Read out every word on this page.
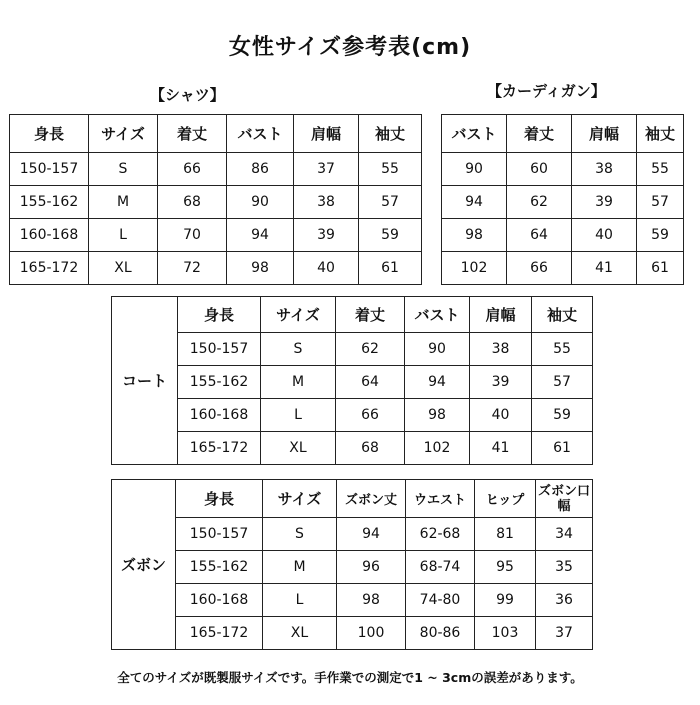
女性サイズ参考表(cm)
【シャツ】	【カーディガン】
身長	サイズ	着丈	バスト	肩幅	袖丈
150-157	S	66	86	37	55
155-162	M	68	90	38	57
160-168	L	70	94	39	59
165-172	XL	72	98	40	61
バスト	着丈	肩幅	袖丈
90	60	38	55
94	62	39	57
98	64	40	59
102	66	41	61
コート	身長	サイズ	着丈	バスト	肩幅	袖丈
	150-157	S	62	90	38	55
	155-162	M	64	94	39	57
	160-168	L	66	98	40	59
	165-172	XL	68	102	41	61
ズボン	身長	サイズ	ズボン丈	ウエスト	ヒップ	ズボン口幅
	150-157	S	94	62-68	81	34
	155-162	M	96	68-74	95	35
	160-168	L	98	74-80	99	36
	165-172	XL	100	80-86	103	37
全てのサイズが既製服サイズです。手作業での測定で1 ~ 3cmの誤差があります。
